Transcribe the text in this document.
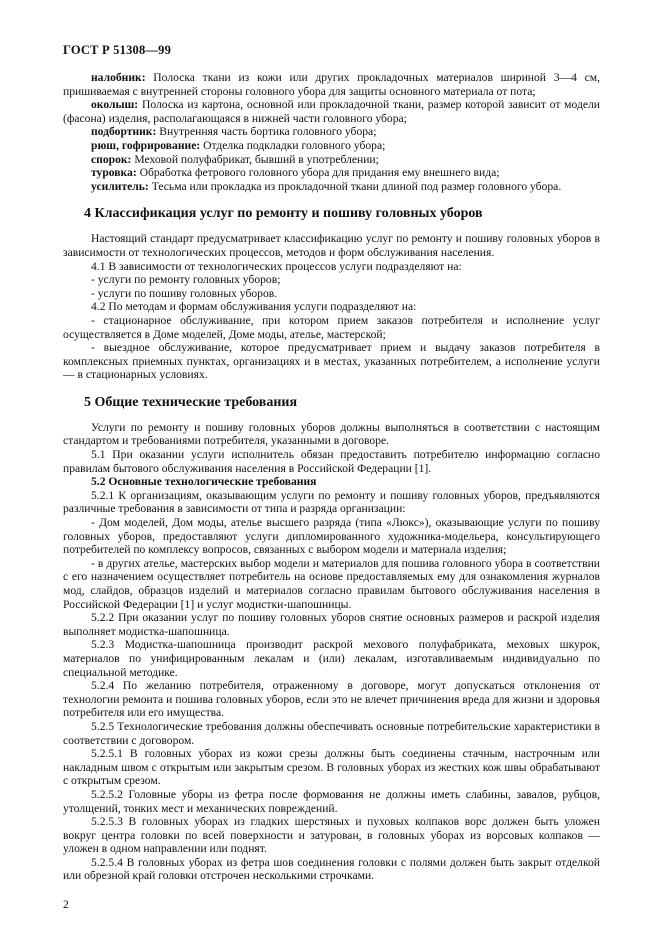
ГОСТ Р 51308—99

налобник: Полоска ткани из кожи или других прокладочных материалов шириной 3—4 см, пришиваемая с внутренней стороны головного убора для защиты основного материала от пота;

околыш: Полоска из картона, основной или прокладочной ткани, размер которой зависит от модели (фасона) изделия, располагающаяся в нижней части головного убора;

подбортник: Внутренняя часть бортика головного убора;

рюш, гофрирование: Отделка подкладки головного убора;

спорок: Меховой полуфабрикат, бывший в употреблении;

туровка: Обработка фетрового головного убора для придания ему внешнего вида;

усилитель: Тесьма или прокладка из прокладочной ткани длиной под размер головного убора.

4 Классификация услуг по ремонту и пошиву головных уборов

Настоящий стандарт предусматривает классификацию услуг по ремонту и пошиву головных уборов в зависимости от технологических процессов, методов и форм обслуживания населения.

4.1 В зависимости от технологических процессов услуги подразделяют на:

- услуги по ремонту головных уборов;

- услуги по пошиву головных уборов.

4.2 По методам и формам обслуживания услуги подразделяют на:

- стационарное обслуживание, при котором прием заказов потребителя и исполнение услуг осуществляется в Доме моделей, Доме моды, ателье, мастерской;

- выездное обслуживание, которое предусматривает прием и выдачу заказов потребителя в комплексных приемных пунктах, организациях и в местах, указанных потребителем, а исполнение услуги — в стационарных условиях.

5 Общие технические требования

Услуги по ремонту и пошиву головных уборов должны выполняться в соответствии с настоящим стандартом и требованиями потребителя, указанными в договоре.

5.1 При оказании услуги исполнитель обязан предоставить потребителю информацию согласно правилам бытового обслуживания населения в Российской Федерации [1].

5.2 Основные технологические требования

5.2.1 К организациям, оказывающим услуги по ремонту и пошиву головных уборов, предъявляются различные требования в зависимости от типа и разряда организации:

- Дом моделей, Дом моды, ателье высшего разряда (типа «Люкс»), оказывающие услуги по пошиву головных уборов, предоставляют услуги дипломированного художника-модельера, консультирующего потребителей по комплексу вопросов, связанных с выбором модели и материала изделия;

- в других ателье, мастерских выбор модели и материалов для пошива головного убора в соответствии с его назначением осуществляет потребитель на основе предоставляемых ему для ознакомления журналов мод, слайдов, образцов изделий и материалов согласно правилам бытового обслуживания населения в Российской Федерации [1] и услуг модистки-шапошницы.

5.2.2 При оказании услуг по пошиву головных уборов снятие основных размеров и раскрой изделия выполняет модистка-шапошница.

5.2.3 Модистка-шапошница производит раскрой мехового полуфабриката, меховых шкурок, материалов по унифицированным лекалам и (или) лекалам, изготавливаемым индивидуально по специальной методике.

5.2.4 По желанию потребителя, отраженному в договоре, могут допускаться отклонения от технологии ремонта и пошива головных уборов, если это не влечет причинения вреда для жизни и здоровья потребителя или его имущества.

5.2.5 Технологические требования должны обеспечивать основные потребительские характеристики в соответствии с договором.

5.2.5.1 В головных уборах из кожи срезы должны быть соединены стачным, настрочным или накладным швом с открытым или закрытым срезом. В головных уборах из жестких кож швы обрабатывают с открытым срезом.

5.2.5.2 Головные уборы из фетра после формования не должны иметь слабины, завалов, рубцов, утолщений, тонких мест и механических повреждений.

5.2.5.3 В головных уборах из гладких шерстяных и пуховых колпаков ворс должен быть уложен вокруг центра головки по всей поверхности и затурован, в головных уборах из ворсовых колпаков — уложен в одном направлении или поднят.

5.2.5.4 В головных уборах из фетра шов соединения головки с полями должен быть закрыт отделкой или обрезной край головки отстрочен несколькими строчками.

2
